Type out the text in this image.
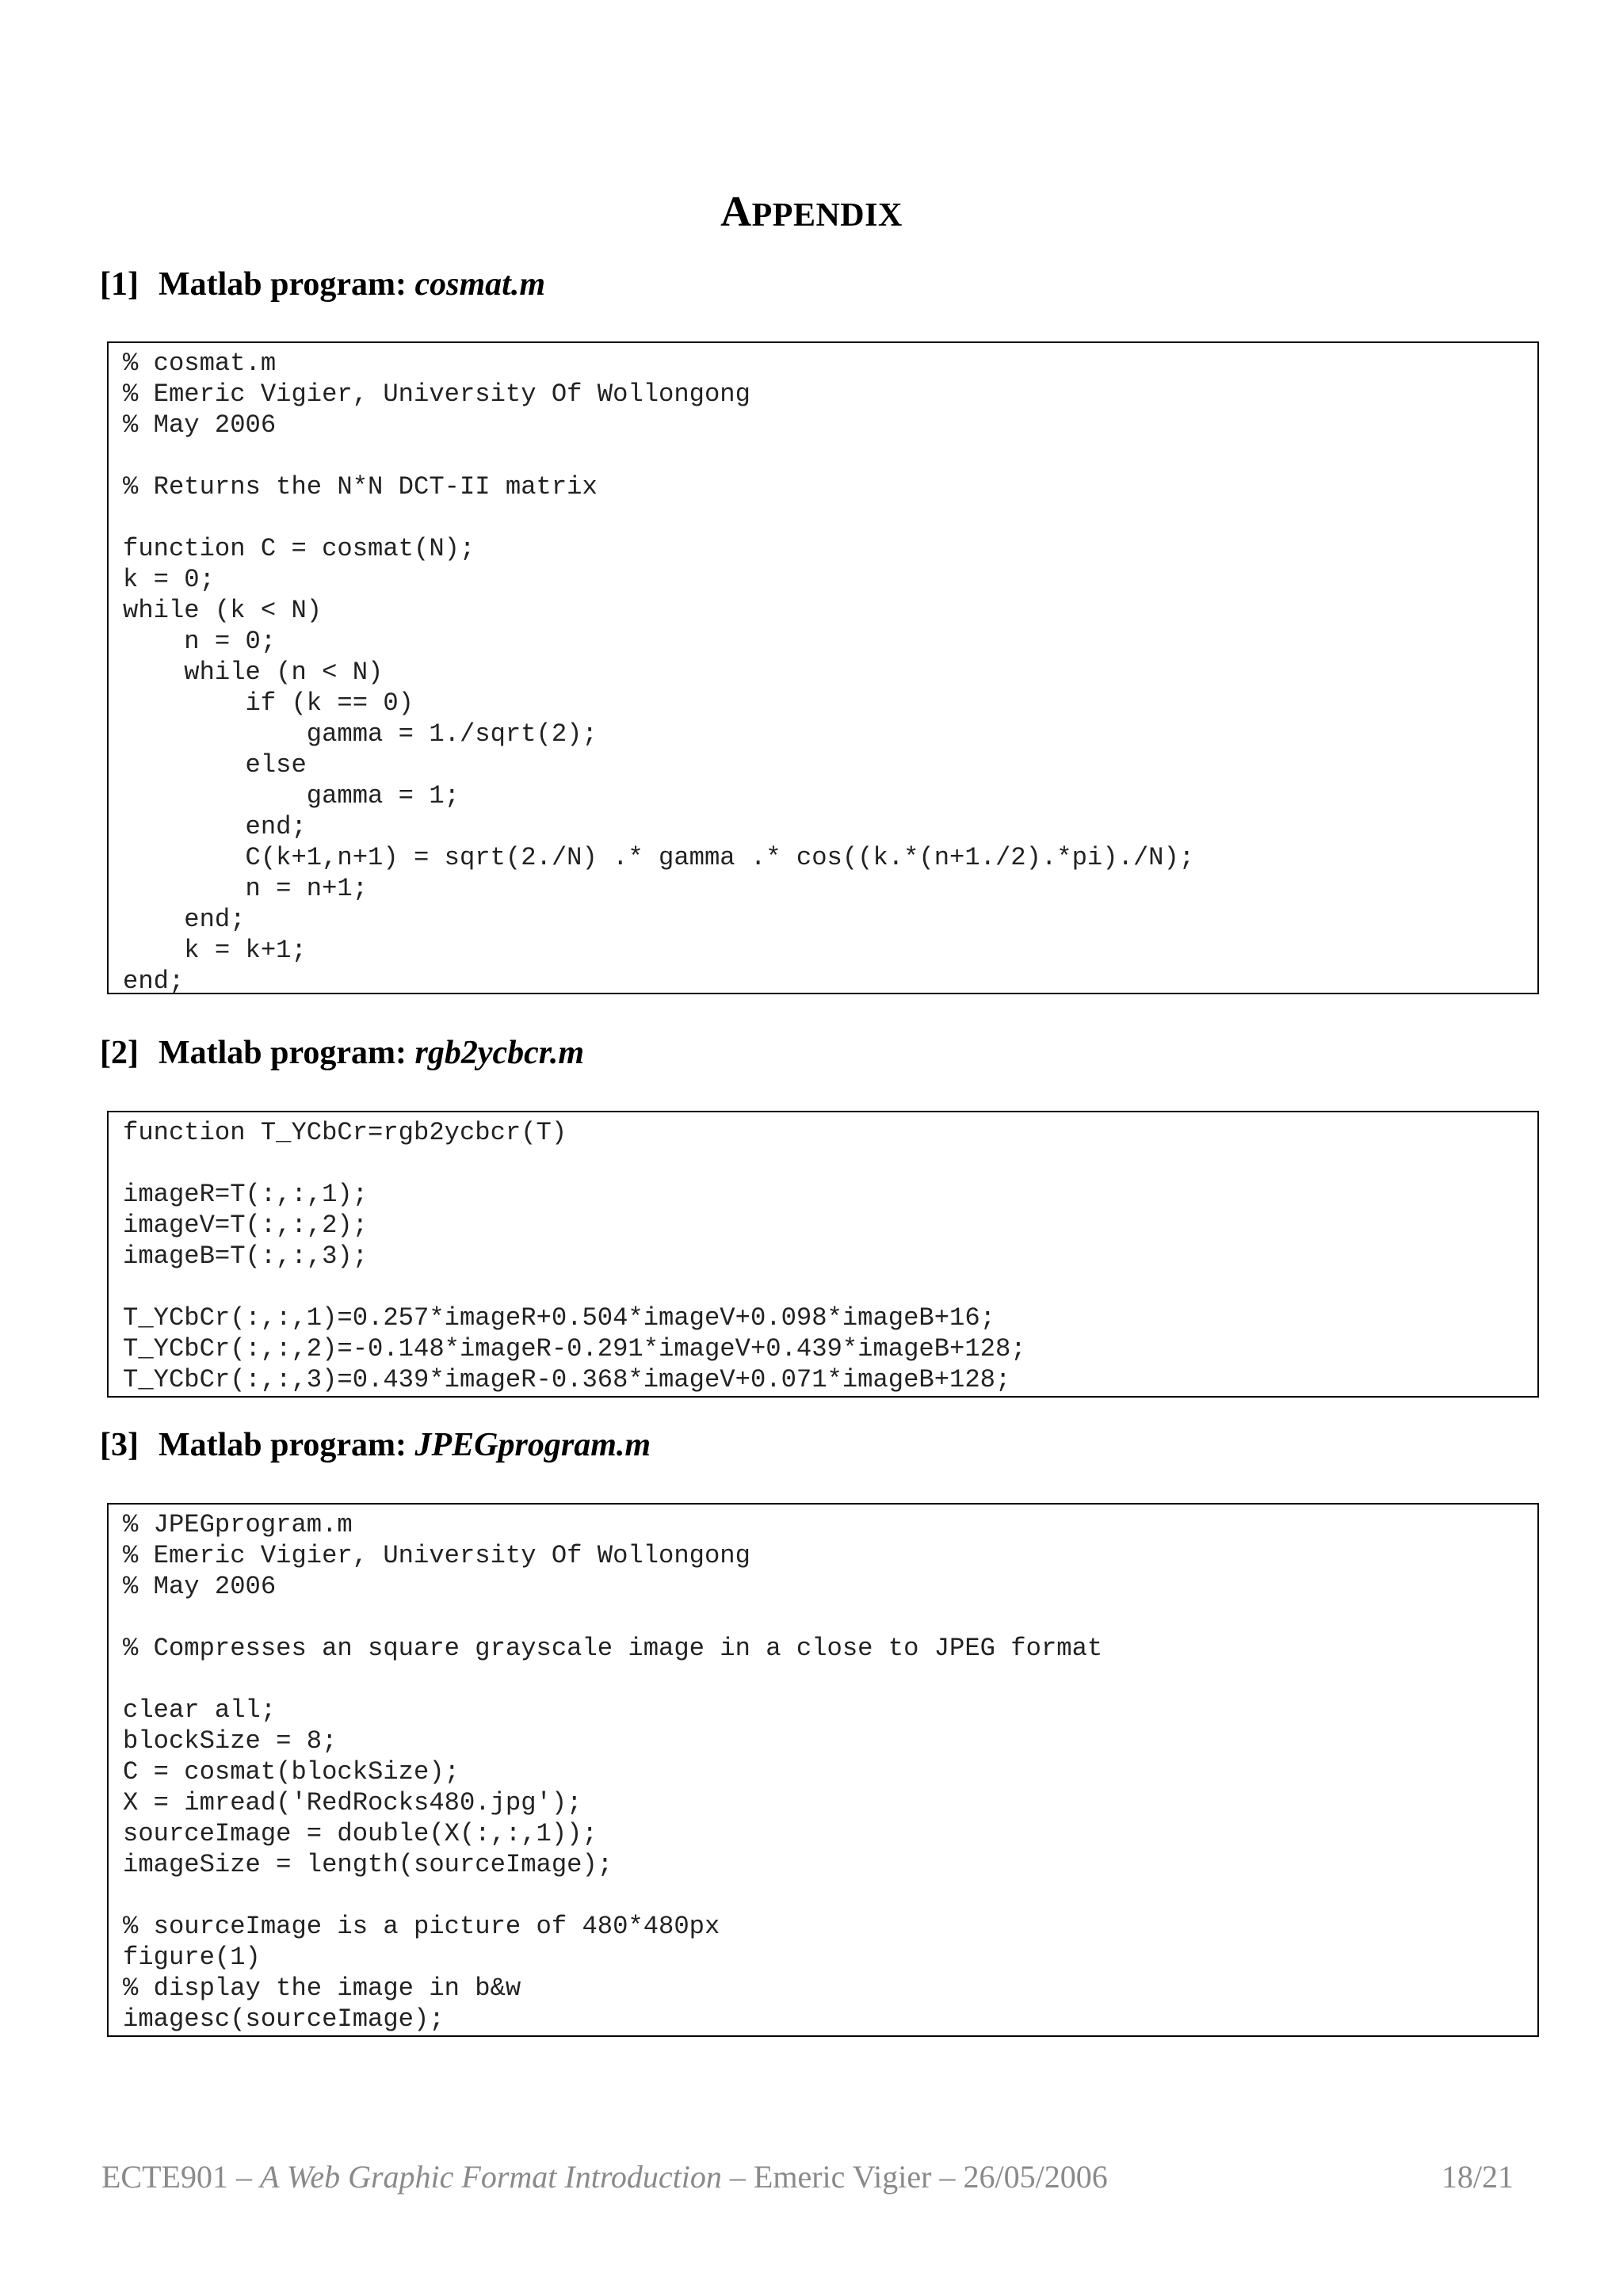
APPENDIX
[1] Matlab program: cosmat.m
% cosmat.m
% Emeric Vigier, University Of Wollongong
% May 2006
% Returns the N*N DCT-II matrix
function C = cosmat(N);
k = 0;
while (k < N)
n = 0;
while (n < N)
if (k == 0)
gamma = 1./sqrt(2);
else
gamma = 1;
end;
C(k+1,n+1) = sqrt(2./N) .* gamma .* cos((k.*(n+1./2).*pi)./N);
n = n+1;
end;
k = k+1;
end;
[2] Matlab program: rgb2ycbcr.m
function T_YCbCr=rgb2ycbcr(T)
imageR=T(:,:,1);
imageV=T(:,:,2);
imageB=T(:,:,3);
T_YCbCr(:,:,1)=0.257*imageR+0.504*imageV+0.098*imageB+16;
T_YCbCr(:,:,2)=-0.148*imageR-0.291*imageV+0.439*imageB+128;
T_YCbCr(:,:,3)=0.439*imageR-0.368*imageV+0.071*imageB+128;
[3] Matlab program: JPEGprogram.m
% JPEGprogram.m
% Emeric Vigier, University Of Wollongong
% May 2006
% Compresses an square grayscale image in a close to JPEG format
clear all;
blockSize = 8;
C = cosmat(blockSize);
X = imread('RedRocks480.jpg');
sourceImage = double(X(:,:,1));
imageSize = length(sourceImage);
% sourceImage is a picture of 480*480px
figure(1)
% display the image in b&w
imagesc(sourceImage);
ECTE901 – A Web Graphic Format Introduction – Emeric Vigier – 26/05/2006	18/21
